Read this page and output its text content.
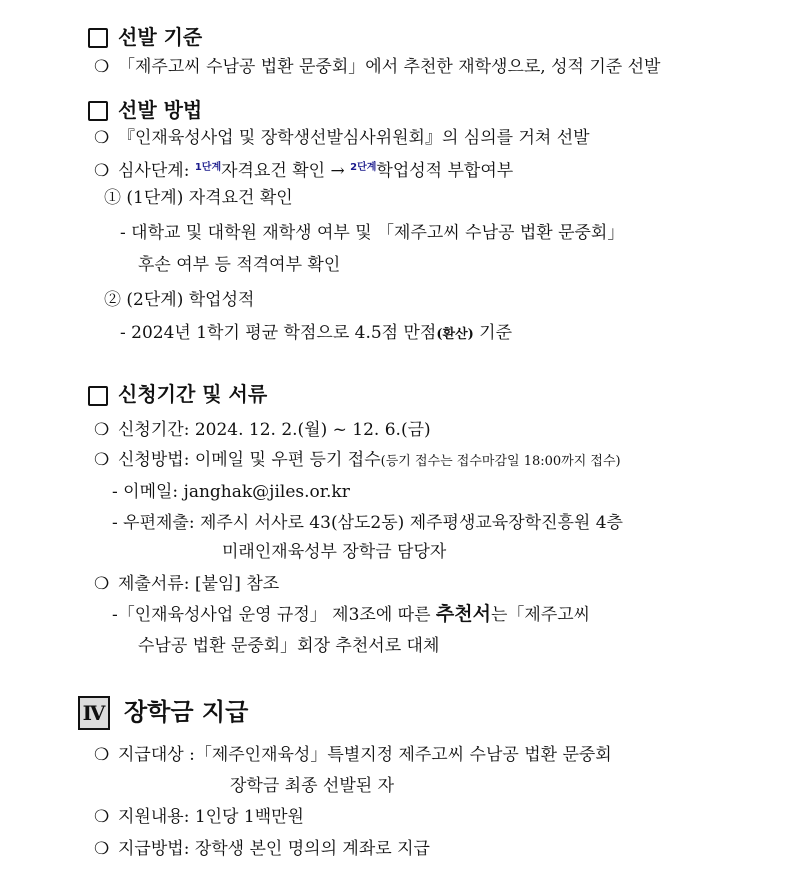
선발 기준
❍ 「제주고씨 수남공 법환 문중회」에서 추천한 재학생으로, 성적 기준 선발
선발 방법
❍ 『인재육성사업 및 장학생선발심사위원회』의 심의를 거쳐 선발
❍ 심사단계: $^{1단계}$자격요건 확인 → $^{2단계}$학업성적 부합여부
① (1단계) 자격요건 확인
- 대학교 및 대학원 재학생 여부 및 「제주고씨 수남공 법환 문중회」
후손 여부 등 적격여부 확인
② (2단계) 학업성적
- 2024년 1학기 평균 학점으로 4.5점 만점(환산) 기준
신청기간 및 서류
❍ 신청기간: 2024. 12. 2.(월) ~ 12. 6.(금)
❍ 신청방법: 이메일 및 우편 등기 접수(등기 접수는 접수마감일 18:00까지 접수)
- 이메일: janghak@jiles.or.kr
- 우편제출: 제주시 서사로 43(삼도2동) 제주평생교육장학진흥원 4층
미래인재육성부 장학금 담당자
❍ 제출서류: [붙임] 참조
-「인재육성사업 운영 규정」 제3조에 따른 추천서는「제주고씨
수남공 법환 문중회」회장 추천서로 대체
Ⅳ 장학금 지급
❍ 지급대상 :「제주인재육성」특별지정 제주고씨 수남공 법환 문중회
장학금 최종 선발된 자
❍ 지원내용: 1인당 1백만원
❍ 지급방법: 장학생 본인 명의의 계좌로 지급
